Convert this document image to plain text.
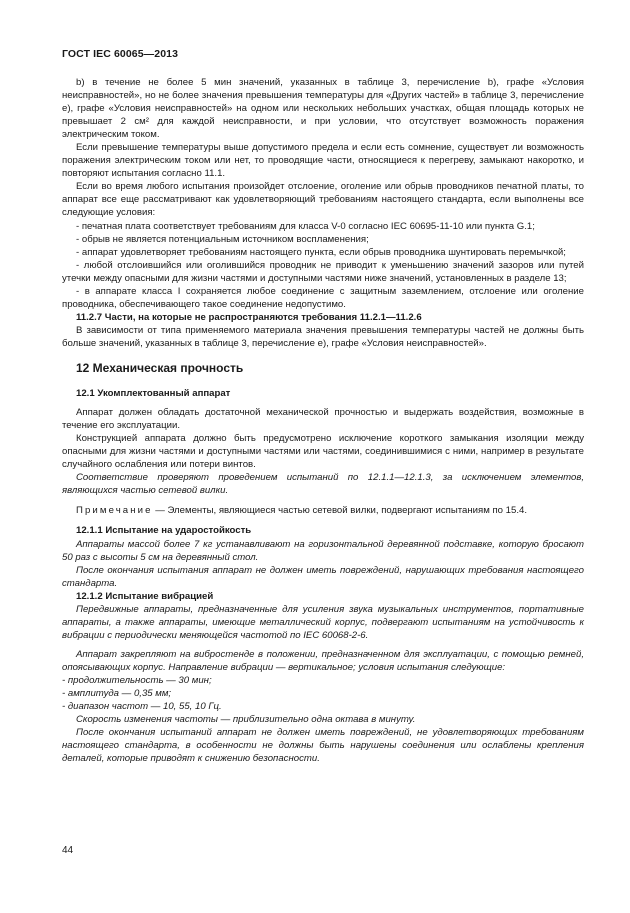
ГОСТ IEC 60065—2013

b) в течение не более 5 мин значений, указанных в таблице 3, перечисление b), графе «Условия неисправностей», но не более значения превышения температуры для «Других частей» в таблице 3, перечисление e), графе «Условия неисправностей» на одном или нескольких небольших участках, общая площадь которых не превышает 2 см² для каждой неисправности, и при условии, что отсутствует возможность поражения электрическим током.

Если превышение температуры выше допустимого предела и если есть сомнение, существует ли возможность поражения электрическим током или нет, то проводящие части, относящиеся к перегреву, замыкают накоротко, и повторяют испытания согласно 11.1.

Если во время любого испытания произойдет отслоение, оголение или обрыв проводников печатной платы, то аппарат все еще рассматривают как удовлетворяющий требованиям настоящего стандарта, если выполнены все следующие условия:

- печатная плата соответствует требованиям для класса V-0 согласно IEC 60695-11-10 или пункта G.1;

- обрыв не является потенциальным источником воспламенения;

- аппарат удовлетворяет требованиям настоящего пункта, если обрыв проводника шунтировать перемычкой;

- любой отслоившийся или оголившийся проводник не приводит к уменьшению значений зазоров или путей утечки между опасными для жизни частями и доступными частями ниже значений, установленных в разделе 13;

- в аппарате класса I сохраняется любое соединение с защитным заземлением, отслоение или оголение проводника, обеспечивающего такое соединение недопустимо.

11.2.7 Части, на которые не распространяются требования 11.2.1—11.2.6

В зависимости от типа применяемого материала значения превышения температуры частей не должны быть больше значений, указанных в таблице 3, перечисление e), графе «Условия неисправностей».

12 Механическая прочность

12.1 Укомплектованный аппарат

Аппарат должен обладать достаточной механической прочностью и выдержать воздействия, возможные в течение его эксплуатации.

Конструкцией аппарата должно быть предусмотрено исключение короткого замыкания изоляции между опасными для жизни частями и доступными частями или частями, соединившимися с ними, например в результате случайного ослабления или потери винтов.

Соответствие проверяют проведением испытаний по 12.1.1—12.1.3, за исключением элементов, являющихся частью сетевой вилки.

Примечание — Элементы, являющиеся частью сетевой вилки, подвергают испытаниям по 15.4.

12.1.1 Испытание на ударостойкость

Аппараты массой более 7 кг устанавливают на горизонтальной деревянной подставке, которую бросают 50 раз с высоты 5 см на деревянный стол.

После окончания испытания аппарат не должен иметь повреждений, нарушающих требования настоящего стандарта.

12.1.2 Испытание вибрацией

Передвижные аппараты, предназначенные для усиления звука музыкальных инструментов, портативные аппараты, а также аппараты, имеющие металлический корпус, подвергают испытаниям на устойчивость к вибрации с периодически меняющейся частотой по IEC 60068-2-6.

Аппарат закрепляют на вибростенде в положении, предназначенном для эксплуатации, с помощью ремней, опоясывающих корпус. Направление вибрации — вертикальное; условия испытания следующие:

- продолжительность — 30 мин;

- амплитуда — 0,35 мм;

- диапазон частот — 10, 55, 10 Гц.

Скорость изменения частоты — приблизительно одна октава в минуту.

После окончания испытаний аппарат не должен иметь повреждений, не удовлетворяющих требованиям настоящего стандарта, в особенности не должны быть нарушены соединения или ослаблены крепления деталей, которые приводят к снижению безопасности.

44
